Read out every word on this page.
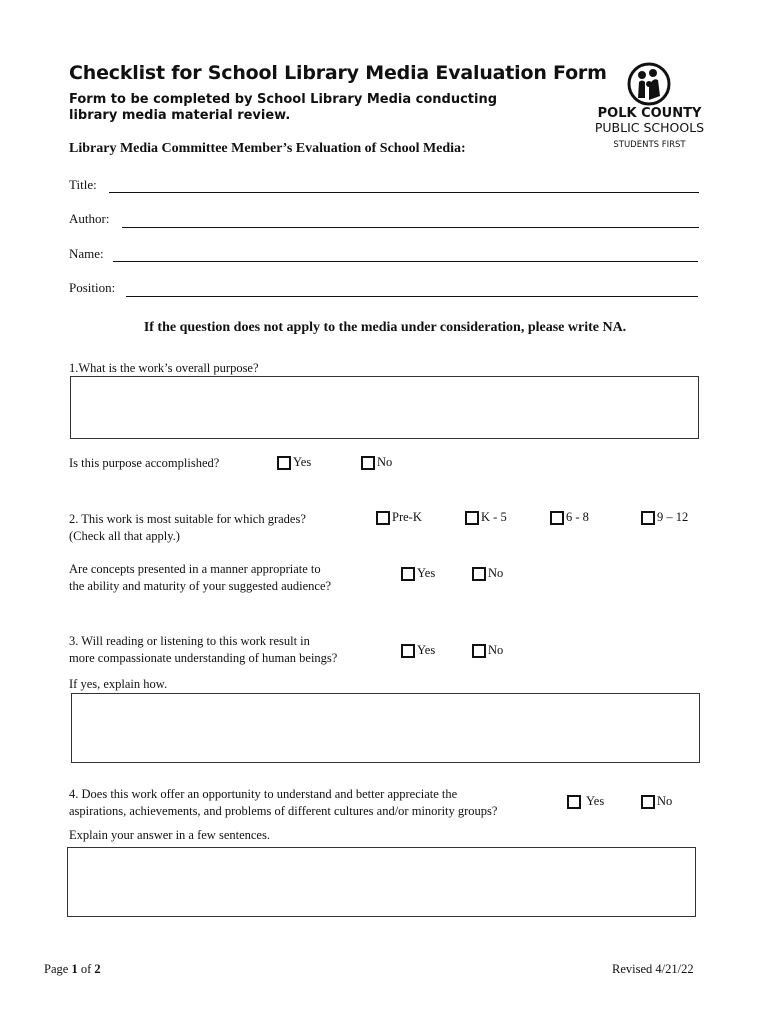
Checklist for School Library Media Evaluation Form
Form to be completed by School Library Media conducting library media material review.	POLK COUNTY
PUBLIC SCHOOLS
STUDENTS FIRST
Library Media Committee Member’s Evaluation of School Media:
Title:
Author:
Name:
Position:
If the question does not apply to the media under consideration, please write NA.
1.What is the work’s overall purpose?
Is this purpose accomplished?	Yes	No
2. This work is most suitable for which grades?
(Check all that apply.)
Pre-K	K - 5	6 - 8	9 – 12
Are concepts presented in a manner appropriate to
the ability and maturity of your suggested audience?
Yes	No
3. Will reading or listening to this work result in
more compassionate understanding of human beings?
Yes	No
If yes, explain how.
4. Does this work offer an opportunity to understand and better appreciate the
aspirations, achievements, and problems of different cultures and/or minority groups?
Yes	No
Explain your answer in a few sentences.
Page 1 of 2	Revised 4/21/22
